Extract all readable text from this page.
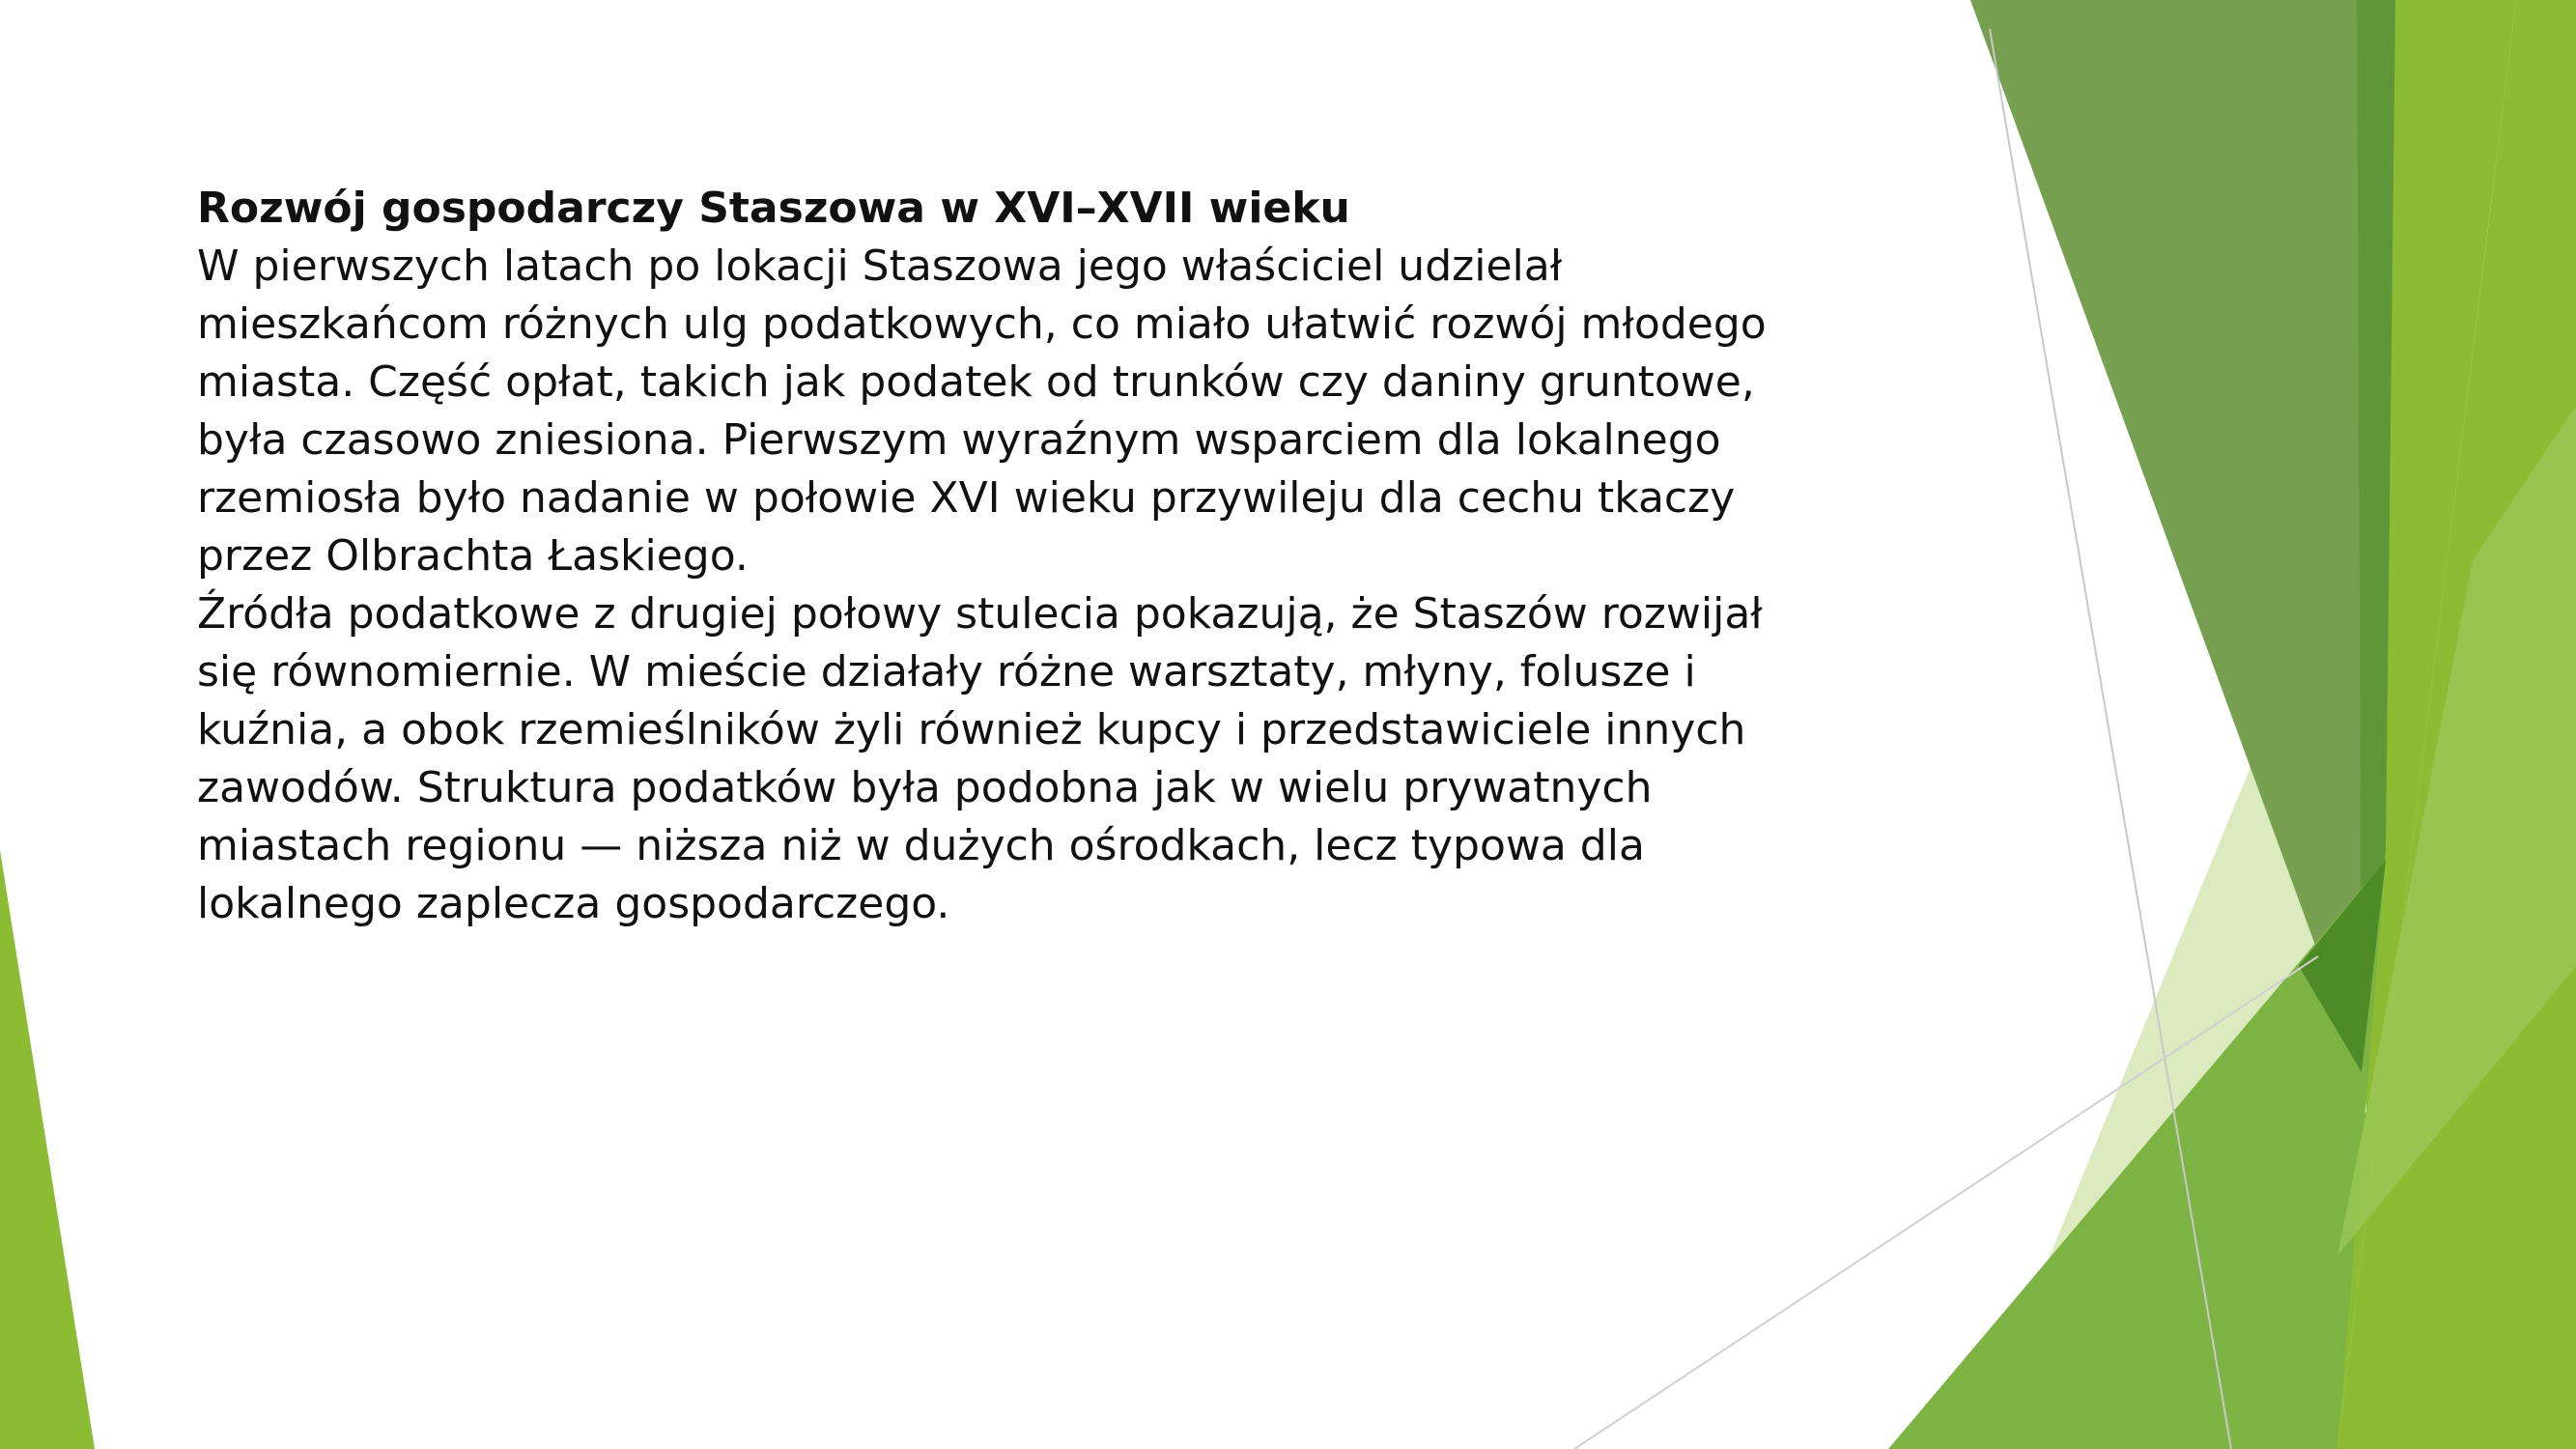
Rozwój gospodarczy Staszowa w XVI–XVII wieku

W pierwszych latach po lokacji Staszowa jego właściciel udzielał mieszkańcom różnych ulg podatkowych, co miało ułatwić rozwój młodego miasta. Część opłat, takich jak podatek od trunków czy daniny gruntowe, była czasowo zniesiona. Pierwszym wyraźnym wsparciem dla lokalnego rzemiosła było nadanie w połowie XVI wieku przywileju dla cechu tkaczy przez Olbrachta Łaskiego.

Źródła podatkowe z drugiej połowy stulecia pokazują, że Staszów rozwijał się równomiernie. W mieście działały różne warsztaty, młyny, folusze i kuźnia, a obok rzemieślników żyli również kupcy i przedstawiciele innych zawodów. Struktura podatków była podobna jak w wielu prywatnych miastach regionu — niższa niż w dużych ośrodkach, lecz typowa dla lokalnego zaplecza gospodarczego.
